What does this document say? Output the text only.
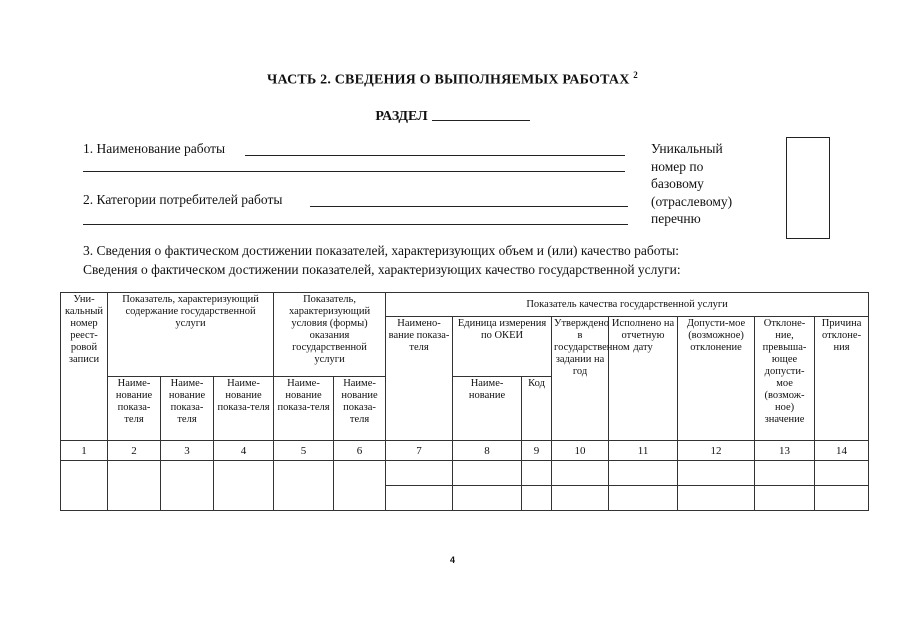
ЧАСТЬ 2. СВЕДЕНИЯ О ВЫПОЛНЯЕМЫХ РАБОТАХ $^2$
РАЗДЕЛ
1. Наименование работы
2. Категории потребителей работы
Уникальный
номер по
базовому
(отраслевому)
перечню
3. Сведения о фактическом достижении показателей, характеризующих объем и (или) качество работы:
Сведения о фактическом достижении показателей, характеризующих качество государственной услуги:
Уни-кальный номер реест-ровой записи	Показатель, характеризующий содержание государственной услуги			Показатель, характеризующий условия (формы) оказания государственной услуги		Показатель качества государственной услуги							
						Наимено-вание показа-теля	Единица измерения по ОКЕИ		Утверждено в государственном задании на год	Исполнено на отчетную дату	Допусти-мое (возможное) отклонение	Отклоне-ние, превыша-ющее допусти-мое (возмож-ное) значение	Причина отклоне-ния
	Наиме-нование показа-теля	Наиме-нование показа-теля	Наиме-нование показа-теля	Наиме-нование показа-теля	Наиме-нование показа-теля		Наиме-нование	Код					
1	2	3	4	5	6	7	8	9	10	11	12	13	14

4
